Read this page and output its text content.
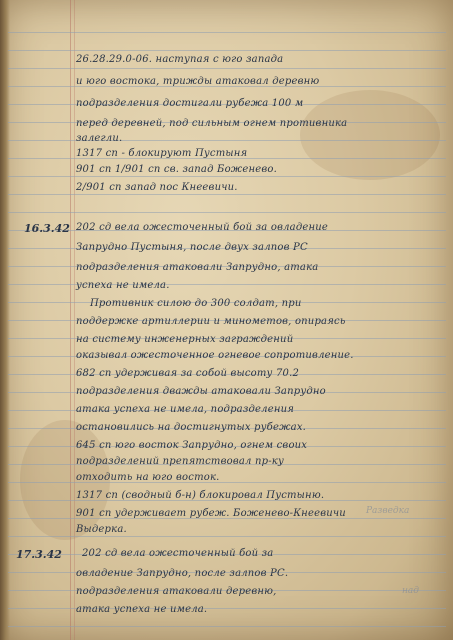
26.28.29.0-06. наступая с юго запада
и юго востока, трижды атаковал деревню
подразделения достигали рубежа 100 м
перед деревней, под сильным огнем противника
залегли.
1317 сп - блокируют Пустыня
901 сп 1/901 сп св. запад Боженево.
2/901 сп запад пос Кнеевичи.
16.3.42 202 сд вела ожесточенный бой за овладение
Запрудно Пустыня, после двух залпов РС
подразделения атаковали Запрудно, атака
успеха не имела.
Противник силою до 300 солдат, при
поддержке артиллерии и минометов, опираясь
на систему инженерных заграждений
оказывал ожесточенное огневое сопротивление.
682 сп удерживая за собой высоту 70.2
подразделения дважды атаковали Запрудно
атака успеха не имела, подразделения
остановились на достигнутых рубежах.
645 сп юго восток Запрудно, огнем своих
подразделений препятствовал пр-ку
отходить на юго восток.
1317 сп (сводный б-н) блокировал Пустыню.
901 сп удерживает рубеж. Боженево-Кнеевичи
Выдерка.
17.3.42 202 сд вела ожесточенный бой за
овладение Запрудно, после залпов РС.
подразделения атаковали деревню,
атака успеха не имела.
Разведка
над
